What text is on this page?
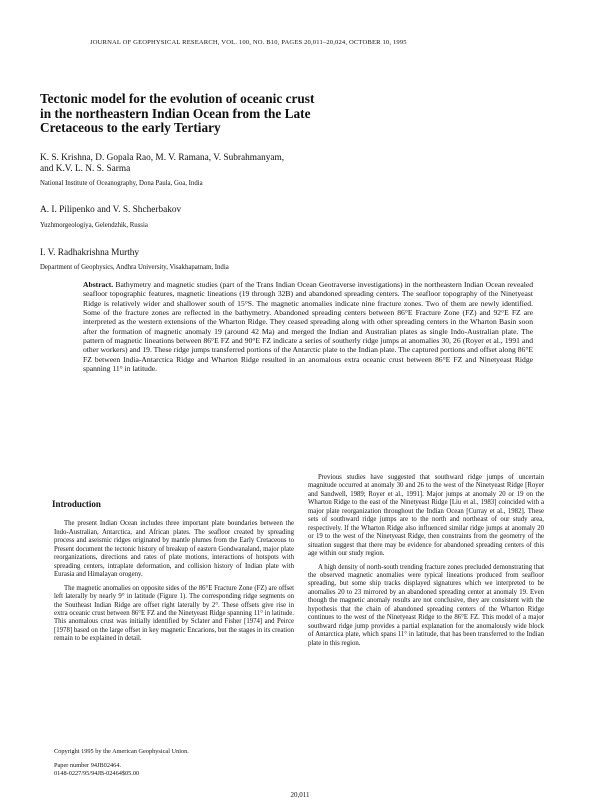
JOURNAL OF GEOPHYSICAL RESEARCH, VOL. 100, NO. B10, PAGES 20,011–20,024, OCTOBER 10, 1995
Tectonic model for the evolution of oceanic crust
in the northeastern Indian Ocean from the Late
Cretaceous to the early Tertiary
K. S. Krishna, D. Gopala Rao, M. V. Ramana, V. Subrahmanyam,
and K.V. L. N. S. Sarma
National Institute of Oceanography, Dona Paula, Goa, India
A. I. Pilipenko and V. S. Shcherbakov
Yuzhmorgeologiya, Gelendzhik, Russia
I. V. Radhakrishna Murthy
Department of Geophysics, Andhra University, Visakhapatnam, India
Abstract. Bathymetry and magnetic studies (part of the Trans Indian Ocean Geotraverse investigations) in the northeastern Indian Ocean revealed seafloor topographic features, magnetic lineations (19 through 32B) and abandoned spreading centers. The seafloor topography of the Ninetyeast Ridge is relatively wider and shallower south of 15°S. The magnetic anomalies indicate nine fracture zones. Two of them are newly identified. Some of the fracture zones are reflected in the bathymetry. Abandoned spreading centers between 86°E Fracture Zone (FZ) and 92°E FZ are interpreted as the western extensions of the Wharton Ridge. They ceased spreading along with other spreading centers in the Wharton Basin soon after the formation of magnetic anomaly 19 (around 42 Ma) and merged the Indian and Australian plates as single Indo-Australian plate. The pattern of magnetic lineations between 86°E FZ and 90°E FZ indicate a series of southerly ridge jumps at anomalies 30, 26 (Royer et al., 1991 and other workers) and 19. These ridge jumps transferred portions of the Antarctic plate to the Indian plate. The captured portions and offset along 86°E FZ between India-Antarctica Ridge and Wharton Ridge resulted in an anomalous extra oceanic crust between 86°E FZ and Ninetyeast Ridge spanning 11° in latitude.
Introduction

The present Indian Ocean includes three important plate boundaries between the Indo-Australian, Antarctica, and African plates. The seafloor created by spreading process and aseismic ridges originated by mantle plumes from the Early Cretaceous to Present document the tectonic history of breakup of eastern Gondwanaland, major plate reorganizations, directions and rates of plate motions, interactions of hotspots with spreading centers, intraplate deformation, and collision history of Indian plate with Eurasia and Himalayan orogeny.

The magnetic anomalies on opposite sides of the 86°E Fracture Zone (FZ) are offset left laterally by nearly 9° in latitude (Figure 1). The corresponding ridge segments on the Southeast Indian Ridge are offset right laterally by 2°. These offsets give rise in extra oceanic crust between 86°E FZ and the Ninetyeast Ridge spanning 11° in latitude. This anomalous crust was initially identified by Sclater and Fisher [1974] and Peirce [1978] based on the large offset in key magnetic Encarions, but the stages in its creation remain to be explained in detail.

Copyright 1995 by the American Geophysical Union.
Paper number 94JB02464.
0148-0227/95/94JB-02464$05.00

Previous studies have suggested that southward ridge jumps of uncertain magnitude occurred at anomaly 30 and 26 to the west of the Ninetyeast Ridge [Royer and Sandwell, 1989; Royer et al., 1991]. Major jumps at anomaly 20 or 19 on the Wharton Ridge to the east of the Ninetyeast Ridge [Liu et al., 1983] coincided with a major plate reorganization throughout the Indian Ocean [Curray et al., 1982]. These sets of southward ridge jumps are to the north and northeast of our study area, respectively. If the Wharton Ridge also influenced similar ridge jumps at anomaly 20 or 19 to the west of the Ninetyeast Ridge, then constraints from the geometry of the situation suggest that there may be evidence for abandoned spreading centers of this age within our study region.

A high density of north-south trending fracture zones precluded demonstrating that the observed magnetic anomalies were typical lineations produced from seafloor spreading, but some ship tracks displayed signatures which we interpreted to be anomalies 20 to 23 mirrored by an abandoned spreading center at anomaly 19. Even though the magnetic anomaly results are not conclusive, they are consistent with the hypothesis that the chain of abandoned spreading centers of the Wharton Ridge continues to the west of the Ninetyeast Ridge to the 86°E FZ. This model of a major southward ridge jump provides a partial explanation for the anomalously wide block of Antarctica plate, which spans 11° in latitude, that has been transferred to the Indian plate in this region.

20,011
